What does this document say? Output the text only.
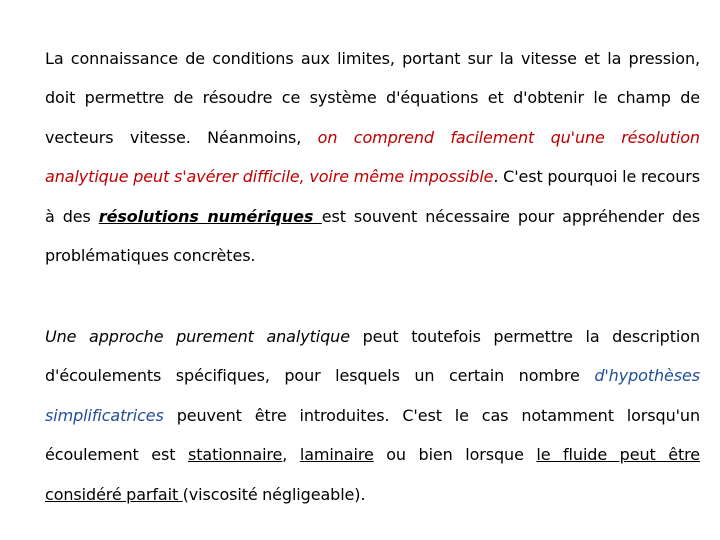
La connaissance de conditions aux limites, portant sur la vitesse et la pression, doit permettre de résoudre ce système d'équations et d'obtenir le champ de vecteurs vitesse. Néanmoins, on comprend facilement qu'une résolution analytique peut s'avérer difficile, voire même impossible. C'est pourquoi le recours à des résolutions numériques est souvent nécessaire pour appréhender des problématiques concrètes.

Une approche purement analytique peut toutefois permettre la description d'écoulements spécifiques, pour lesquels un certain nombre d'hypothèses simplificatrices peuvent être introduites. C'est le cas notamment lorsqu'un écoulement est stationnaire, laminaire ou bien lorsque le fluide peut être considéré parfait (viscosité négligeable).
